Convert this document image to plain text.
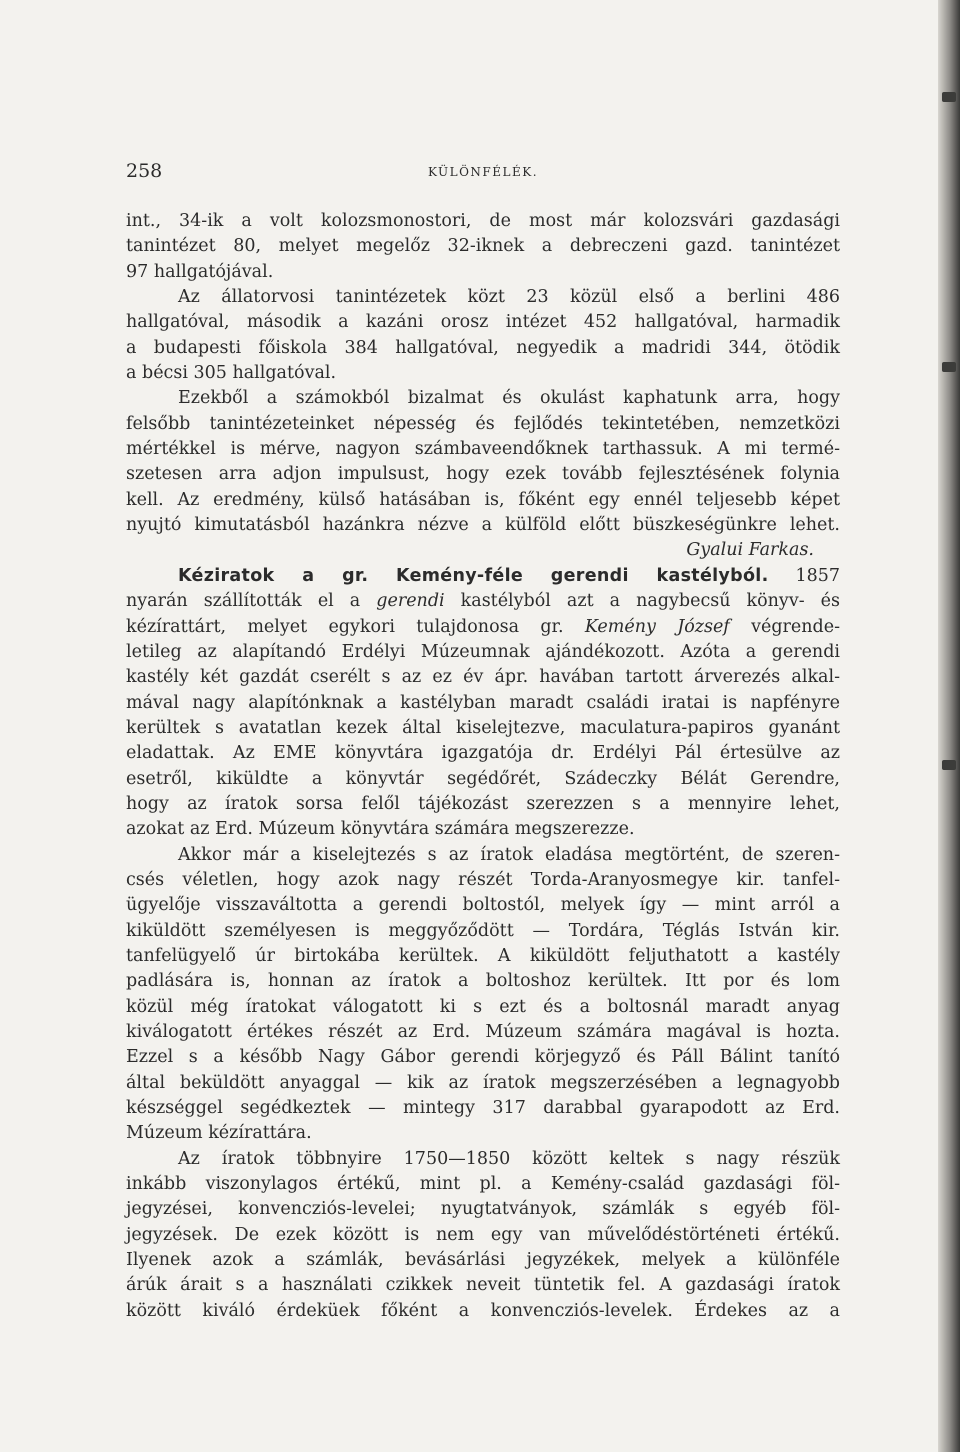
258	KÜLÖNFÉLÉK.
int., 34-ik a volt kolozsmonostori, de most már kolozsvári gazdasági
tanintézet 80, melyet megelőz 32-iknek a debreczeni gazd. tanintézet
97 hallgatójával.
Az állatorvosi tanintézetek közt 23 közül első a berlini 486
hallgatóval, második a kazáni orosz intézet 452 hallgatóval, harmadik
a budapesti főiskola 384 hallgatóval, negyedik a madridi 344, ötödik
a bécsi 305 hallgatóval.
Ezekből a számokból bizalmat és okulást kaphatunk arra, hogy
felsőbb tanintézeteinket népesség és fejlődés tekintetében, nemzetközi
mértékkel is mérve, nagyon számbaveendőknek tarthassuk. A mi termé-
szetesen arra adjon impulsust, hogy ezek tovább fejlesztésének folynia
kell. Az eredmény, külső hatásában is, főként egy ennél teljesebb képet
nyujtó kimutatásból hazánkra nézve a külföld előtt büszkeségünkre lehet.
Gyalui Farkas.
Kéziratok a gr. Kemény-féle gerendi kastélyból. 1857
nyarán szállították el a gerendi kastélyból azt a nagybecsű könyv- és
kézírattárt, melyet egykori tulajdonosa gr. Kemény József végrende-
letileg az alapítandó Erdélyi Múzeumnak ajándékozott. Azóta a gerendi
kastély két gazdát cserélt s az ez év ápr. havában tartott árverezés alkal-
mával nagy alapítónknak a kastélyban maradt családi iratai is napfényre
kerültek s avatatlan kezek által kiselejtezve, maculatura-papiros gyanánt
eladattak. Az EME könyvtára igazgatója dr. Erdélyi Pál értesülve az
esetről, kiküldte a könyvtár segédőrét, Szádeczky Bélát Gerendre,
hogy az íratok sorsa felől tájékozást szerezzen s a mennyire lehet,
azokat az Erd. Múzeum könyvtára számára megszerezze.
Akkor már a kiselejtezés s az íratok eladása megtörtént, de szeren-
csés véletlen, hogy azok nagy részét Torda-Aranyosmegye kir. tanfel-
ügyelője visszaváltotta a gerendi boltostól, melyek így — mint arról a
kiküldött személyesen is meggyőződött — Tordára, Téglás István kir.
tanfelügyelő úr birtokába kerültek. A kiküldött feljuthatott a kastély
padlására is, honnan az íratok a boltoshoz kerültek. Itt por és lom
közül még íratokat válogatott ki s ezt és a boltosnál maradt anyag
kiválogatott értékes részét az Erd. Múzeum számára magával is hozta.
Ezzel s a később Nagy Gábor gerendi körjegyző és Páll Bálint tanító
által beküldött anyaggal — kik az íratok megszerzésében a legnagyobb
készséggel segédkeztek — mintegy 317 darabbal gyarapodott az Erd.
Múzeum kézírattára.
Az íratok többnyire 1750—1850 között keltek s nagy részük
inkább viszonylagos értékű, mint pl. a Kemény-család gazdasági föl-
jegyzései, konvencziós-levelei; nyugtatványok, számlák s egyéb föl-
jegyzések. De ezek között is nem egy van művelődéstörténeti értékű.
Ilyenek azok a számlák, bevásárlási jegyzékek, melyek a különféle
árúk árait s a használati czikkek neveit tüntetik fel. A gazdasági íratok
között kiváló érdeküek főként a konvencziós-levelek. Érdekes az a
